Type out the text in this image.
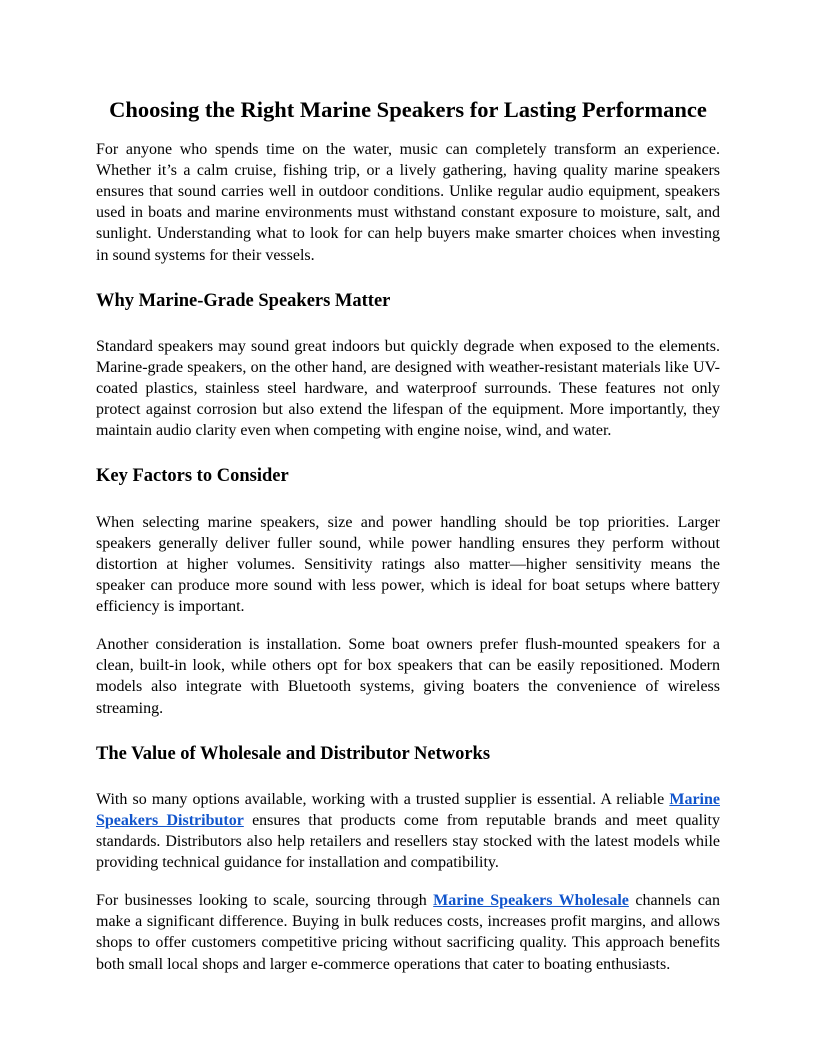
Choosing the Right Marine Speakers for Lasting Performance

For anyone who spends time on the water, music can completely transform an experience. Whether it’s a calm cruise, fishing trip, or a lively gathering, having quality marine speakers ensures that sound carries well in outdoor conditions. Unlike regular audio equipment, speakers used in boats and marine environments must withstand constant exposure to moisture, salt, and sunlight. Understanding what to look for can help buyers make smarter choices when investing in sound systems for their vessels.

Why Marine-Grade Speakers Matter

Standard speakers may sound great indoors but quickly degrade when exposed to the elements. Marine-grade speakers, on the other hand, are designed with weather-resistant materials like UV-coated plastics, stainless steel hardware, and waterproof surrounds. These features not only protect against corrosion but also extend the lifespan of the equipment. More importantly, they maintain audio clarity even when competing with engine noise, wind, and water.

Key Factors to Consider

When selecting marine speakers, size and power handling should be top priorities. Larger speakers generally deliver fuller sound, while power handling ensures they perform without distortion at higher volumes. Sensitivity ratings also matter—higher sensitivity means the speaker can produce more sound with less power, which is ideal for boat setups where battery efficiency is important.

Another consideration is installation. Some boat owners prefer flush-mounted speakers for a clean, built-in look, while others opt for box speakers that can be easily repositioned. Modern models also integrate with Bluetooth systems, giving boaters the convenience of wireless streaming.

The Value of Wholesale and Distributor Networks

With so many options available, working with a trusted supplier is essential. A reliable Marine Speakers Distributor ensures that products come from reputable brands and meet quality standards. Distributors also help retailers and resellers stay stocked with the latest models while providing technical guidance for installation and compatibility.

For businesses looking to scale, sourcing through Marine Speakers Wholesale channels can make a significant difference. Buying in bulk reduces costs, increases profit margins, and allows shops to offer customers competitive pricing without sacrificing quality. This approach benefits both small local shops and larger e-commerce operations that cater to boating enthusiasts.
